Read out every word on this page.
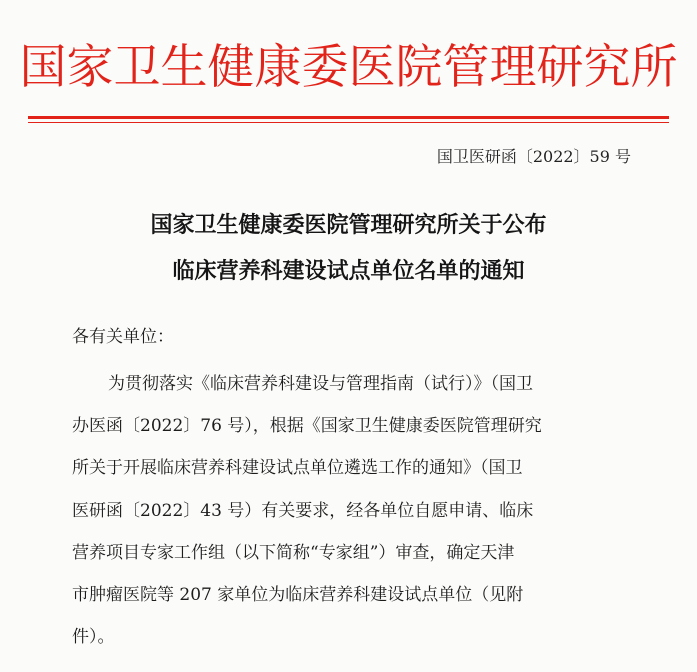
国家卫生健康委医院管理研究所
国卫医研函〔2022〕59 号
国家卫生健康委医院管理研究所关于公布
临床营养科建设试点单位名单的通知
各有关单位：
为贯彻落实《临床营养科建设与管理指南（试行）》（国卫
办医函〔2022〕76 号），根据《国家卫生健康委医院管理研究
所关于开展临床营养科建设试点单位遴选工作的通知》（国卫
医研函〔2022〕43 号）有关要求，经各单位自愿申请、临床
营养项目专家工作组（以下简称“专家组”）审查，确定天津
市肿瘤医院等 207 家单位为临床营养科建设试点单位（见附
件）。
